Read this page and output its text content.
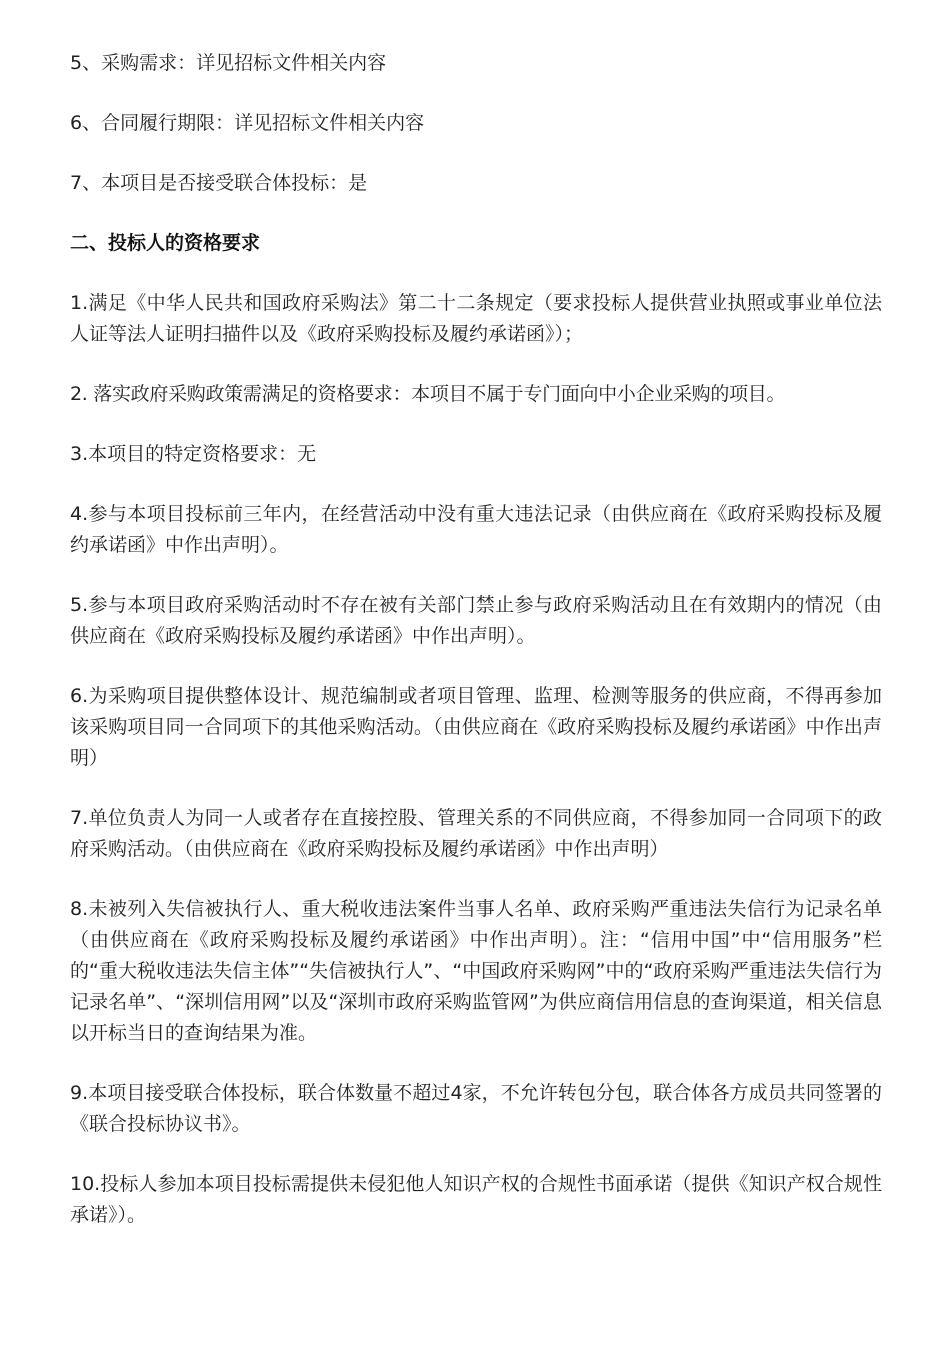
5、采购需求：详见招标文件相关内容

6、合同履行期限：详见招标文件相关内容

7、本项目是否接受联合体投标：是

二、投标人的资格要求

1.满足《中华人民共和国政府采购法》第二十二条规定（要求投标人提供营业执照或事业单位法人证等法人证明扫描件以及《政府采购投标及履约承诺函》）；

2. 落实政府采购政策需满足的资格要求：本项目不属于专门面向中小企业采购的项目。

3.本项目的特定资格要求：无

4.参与本项目投标前三年内，在经营活动中没有重大违法记录（由供应商在《政府采购投标及履约承诺函》中作出声明）。

5.参与本项目政府采购活动时不存在被有关部门禁止参与政府采购活动且在有效期内的情况（由供应商在《政府采购投标及履约承诺函》中作出声明）。

6.为采购项目提供整体设计、规范编制或者项目管理、监理、检测等服务的供应商，不得再参加该采购项目同一合同项下的其他采购活动。（由供应商在《政府采购投标及履约承诺函》中作出声明）

7.单位负责人为同一人或者存在直接控股、管理关系的不同供应商，不得参加同一合同项下的政府采购活动。（由供应商在《政府采购投标及履约承诺函》中作出声明）

8.未被列入失信被执行人、重大税收违法案件当事人名单、政府采购严重违法失信行为记录名单（由供应商在《政府采购投标及履约承诺函》中作出声明）。注：“信用中国”中“信用服务”栏的“重大税收违法失信主体”“失信被执行人”、“中国政府采购网”中的“政府采购严重违法失信行为记录名单”、“深圳信用网”以及“深圳市政府采购监管网”为供应商信用信息的查询渠道，相关信息以开标当日的查询结果为准。

9.本项目接受联合体投标，联合体数量不超过4家，不允许转包分包，联合体各方成员共同签署的《联合投标协议书》。

10.投标人参加本项目投标需提供未侵犯他人知识产权的合规性书面承诺（提供《知识产权合规性承诺》）。
